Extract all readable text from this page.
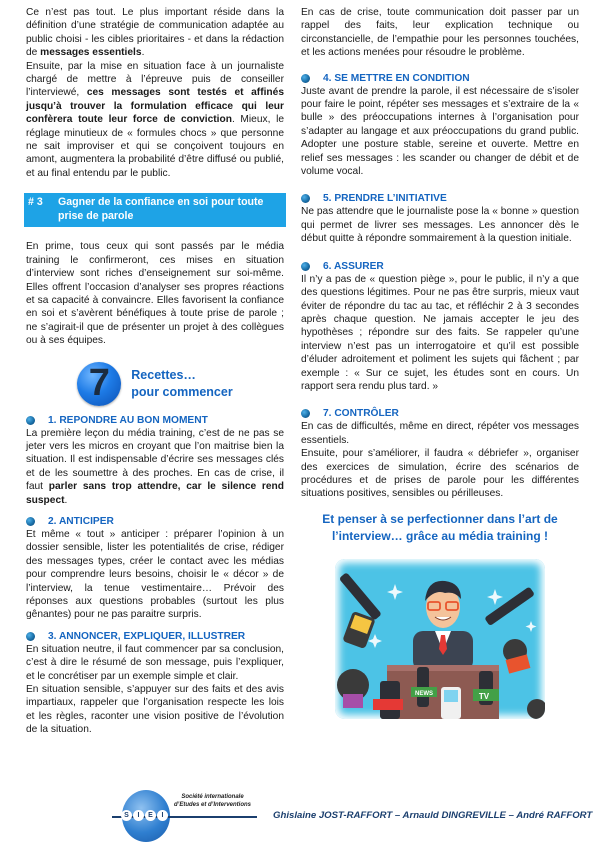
Ce n’est pas tout. Le plus important réside dans la définition d’une stratégie de communication adaptée au public choisi - les cibles prioritaires - et dans la rédaction de messages essentiels.

Ensuite, par la mise en situation face à un journaliste chargé de mettre à l’épreuve puis de conseiller l’interviewé, ces messages sont testés et affinés jusqu’à trouver la formulation efficace qui leur confèrera toute leur force de conviction. Mieux, le réglage minutieux de « formules chocs » que personne ne sait improviser et qui se conçoivent toujours en amont, augmentera la probabilité d’être diffusé ou publié, et au final entendu par le public.

# 3	Gagner de la confiance en soi pour toute prise de parole

En prime, tous ceux qui sont passés par le média training le confirmeront, ces mises en situation d’interview sont riches d’enseignement sur soi-même. Elles offrent l’occasion d’analyser ses propres réactions et sa capacité à convaincre. Elles favorisent la confiance en soi et s’avèrent bénéfiques à toute prise de parole ; ne s’agirait-il que de présenter un projet à des collègues ou à ses équipes.

7	Recettes…
pour commencer
1. REPONDRE AU BON MOMENT

La première leçon du média training, c’est de ne pas se jeter vers les micros en croyant que l’on maitrise bien la situation. Il est indispensable d’écrire ses messages clés et de les soumettre à des proches. En cas de crise, il faut parler sans trop attendre, car le silence rend suspect.

2. ANTICIPER

Et même « tout » anticiper : préparer l’opinion à un dossier sensible, lister les potentialités de crise, rédiger des messages types, créer le contact avec les médias pour comprendre leurs besoins, choisir le « décor » de l’interview, la tenue vestimentaire… Prévoir des réponses aux questions probables (surtout les plus gênantes) pour ne pas paraitre surpris.

3. ANNONCER, EXPLIQUER, ILLUSTRER

En situation neutre, il faut commencer par sa conclusion, c’est à dire le résumé de son message, puis l’expliquer, et le concrétiser par un exemple simple et clair.

En situation sensible, s’appuyer sur des faits et des avis impartiaux, rappeler que l’organisation respecte les lois et les règles, raconter une vision positive de l’évolution de la situation.

En cas de crise, toute communication doit passer par un rappel des faits, leur explication technique ou circonstancielle, de l’empathie pour les personnes touchées, et les actions menées pour résoudre le problème.

4. SE METTRE EN CONDITION

Juste avant de prendre la parole, il est nécessaire de s’isoler pour faire le point, répéter ses messages et s’extraire de la « bulle » des préoccupations internes à l’organisation pour s’adapter au langage et aux préoccupations du grand public. Adopter une posture stable, sereine et ouverte. Mettre en relief ses messages : les scander ou changer de débit et de volume vocal.

5. PRENDRE L’INITIATIVE

Ne pas attendre que le journaliste pose la « bonne » question qui permet de livrer ses messages. Les annoncer dès le début quitte à répondre sommairement à la question initiale.

6. ASSURER

Il n’y a pas de « question piège », pour le public, il n’y a que des questions légitimes. Pour ne pas être surpris, mieux vaut éviter de répondre du tac au tac, et réfléchir 2 à 3 secondes après chaque question. Ne jamais accepter le jeu des hypothèses ; répondre sur des faits. Se rappeler qu’une interview n’est pas un interrogatoire et qu’il est possible d’éluder adroitement et poliment les sujets qui fâchent ; par exemple : « Sur ce sujet, les études sont en cours. Un rapport sera rendu plus tard. »

7. CONTRÔLER

En cas de difficultés, même en direct, répéter vos messages essentiels.

Ensuite, pour s’améliorer, il faudra « débriefer », organiser des exercices de simulation, écrire des scénarios de procédures et de prises de parole pour les différentes situations positives, sensibles ou périlleuses.

Et penser à se perfectionner dans l’art de l’interview… grâce au média training !
TV
NEWS
S	I	E	I
Société internationale
d’Etudes et d’Interventions
Ghislaine JOST-RAFFORT – Arnauld DINGREVILLE – André RAFFORT
